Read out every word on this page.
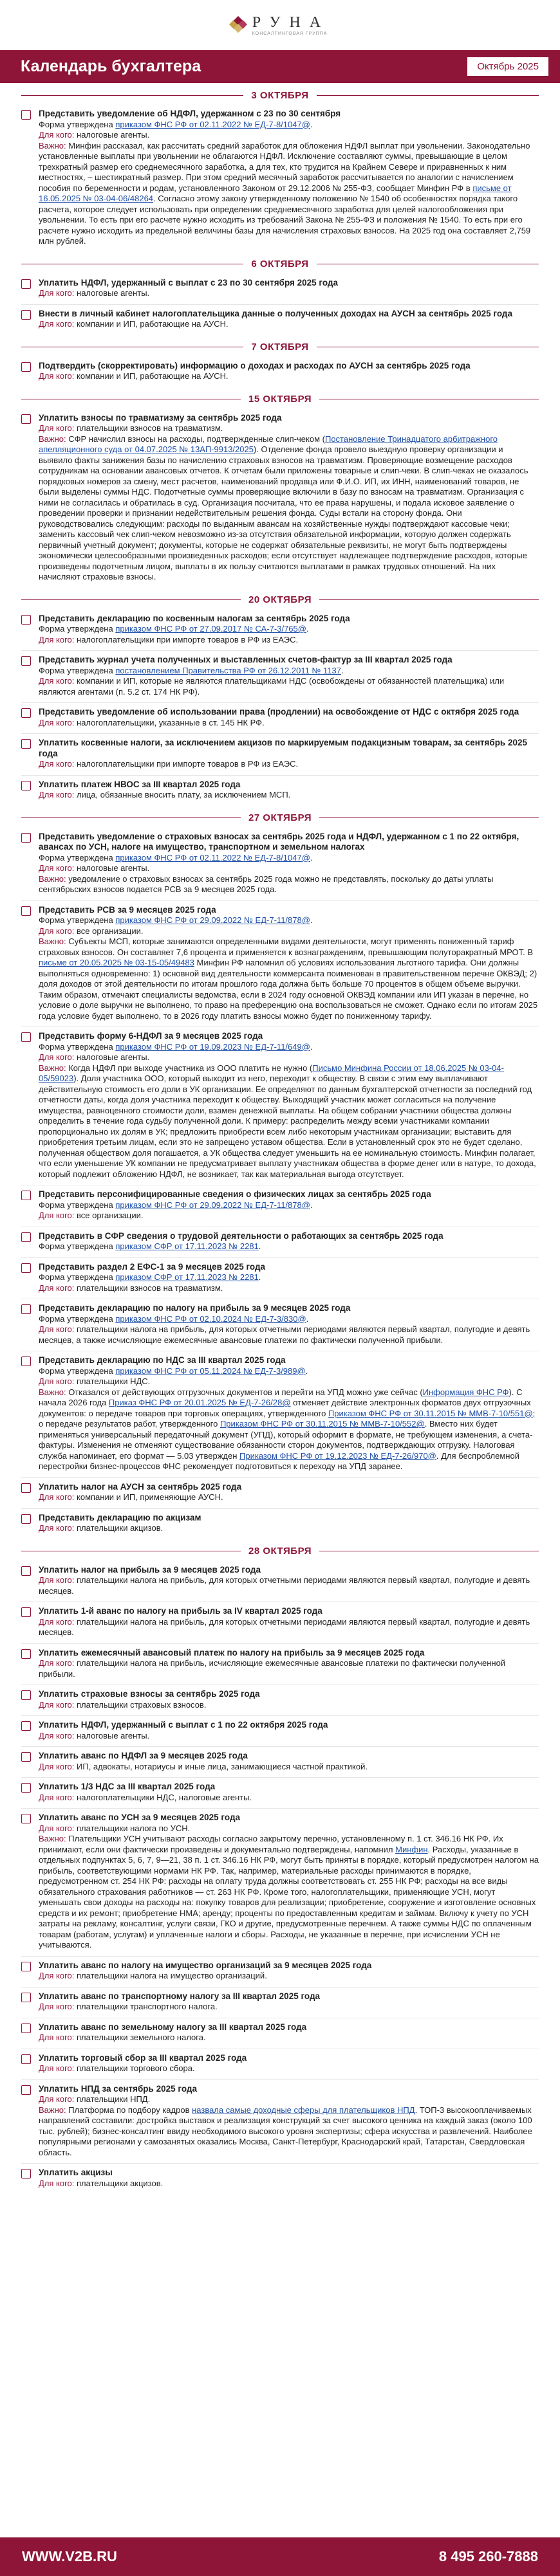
РУНА
КОНСАЛТИНГОВАЯ ГРУППА
Календарь бухгалтера	Октябрь 2025
3 ОКТЯБРЯ
Представить уведомление об НДФЛ, удержанном с 23 по 30 сентября
Форма утверждена приказом ФНС РФ от 02.11.2022 № ЕД-7-8/1047@.
Для кого: налоговые агенты.
Важно: Минфин рассказал, как рассчитать средний заработок для обложения НДФЛ выплат при увольнении. Законодательно установленные выплаты при увольнении не облагаются НДФЛ. Исключение составляют суммы, превышающие в целом трехкратный размер его среднемесячного заработка, а для тех, кто трудится на Крайнем Севере и приравненных к ним местностях, – шестикратный размер. При этом средний месячный заработок рассчитывается по аналогии с начислением пособия по беременности и родам, установленного Законом от 29.12.2006 № 255-ФЗ, сообщает Минфин РФ в письме от 16.05.2025 № 03-04-06/48264. Согласно этому закону утвержденному положению № 1540 об особенностях порядка такого расчета, которое следует использовать при определении среднемесячного заработка для целей налогообложения при увольнении. То есть при его расчете нужно исходить из требований Закона № 255-ФЗ и положения № 1540. То есть при его расчете нужно исходить из предельной величины базы для начисления страховых взносов. На 2025 год она составляет 2,759 млн рублей.
6 ОКТЯБРЯ
Уплатить НДФЛ, удержанный с выплат с 23 по 30 сентября 2025 года
Для кого: налоговые агенты.
Внести в личный кабинет налогоплательщика данные о полученных доходах на АУСН за сентябрь 2025 года
Для кого: компании и ИП, работающие на АУСН.
7 ОКТЯБРЯ
Подтвердить (скорректировать) информацию о доходах и расходах по АУСН за сентябрь 2025 года
Для кого: компании и ИП, работающие на АУСН.
15 ОКТЯБРЯ
Уплатить взносы по травматизму за сентябрь 2025 года
Для кого: плательщики взносов на травматизм.
Важно: СФР начислил взносы на расходы, подтвержденные слип-чеком (Постановление Тринадцатого арбитражного апелляционного суда от 04.07.2025 № 13АП-9913/2025). Отделение фонда провело выездную проверку организации и выявило факты занижения базы по начислению страховых взносов на травматизм. Проверяющие возмещение расходов сотрудникам на основании авансовых отчетов. К отчетам были приложены товарные и слип-чеки. В слип-чеках не оказалось порядковых номеров за смену, мест расчетов, наименований продавца или Ф.И.О. ИП, их ИНН, наименований товаров, не были выделены суммы НДС. Подотчетные суммы проверяющие включили в базу по взносам на травматизм. Организация с ними не согласилась и обратилась в суд. Организация посчитала, что ее права нарушены, и подала исковое заявление о проведении проверки и признании недействительным решения фонда. Суды встали на сторону фонда. Они руководствовались следующим: расходы по выданным авансам на хозяйственные нужды подтверждают кассовые чеки; заменить кассовый чек слип-чеком невозможно из-за отсутствия обязательной информации, которую должен содержать первичный учетный документ; документы, которые не содержат обязательные реквизиты, не могут быть подтверждены экономически целесообразными произведенных расходов; если отсутствует надлежащее подтверждение расходов, которые произведены подотчетным лицом, выплаты в их пользу считаются выплатами в рамках трудовых отношений. На них начисляют страховые взносы.
20 ОКТЯБРЯ
Представить декларацию по косвенным налогам за сентябрь 2025 года
Форма утверждена приказом ФНС РФ от 27.09.2017 № СА-7-3/765@.
Для кого: налогоплательщики при импорте товаров в РФ из ЕАЭС.
Представить журнал учета полученных и выставленных счетов-фактур за III квартал 2025 года
Форма утверждена постановлением Правительства РФ от 26.12.2011 № 1137.
Для кого: компании и ИП, которые не являются плательщиками НДС (освобождены от обязанностей плательщика) или являются агентами (п. 5.2 ст. 174 НК РФ).
Представить уведомление об использовании права (продлении) на освобождение от НДС с октября 2025 года
Для кого: налогоплательщики, указанные в ст. 145 НК РФ.
Уплатить косвенные налоги, за исключением акцизов по маркируемым подакцизным товарам, за сентябрь 2025 года
Для кого: налогоплательщики при импорте товаров в РФ из ЕАЭС.
Уплатить платеж НВОС за III квартал 2025 года
Для кого: лица, обязанные вносить плату, за исключением МСП.
27 ОКТЯБРЯ
Представить уведомление о страховых взносах за сентябрь 2025 года и НДФЛ, удержанном с 1 по 22 октября, авансах по УСН, налоге на имущество, транспортном и земельном налогах
Форма утверждена приказом ФНС РФ от 02.11.2022 № ЕД-7-8/1047@.
Для кого: налоговые агенты.
Важно: уведомление о страховых взносах за сентябрь 2025 года можно не представлять, поскольку до даты уплаты сентябрьских взносов подается РСВ за 9 месяцев 2025 года.
Представить РСВ за 9 месяцев 2025 года
Форма утверждена приказом ФНС РФ от 29.09.2022 № ЕД-7-11/878@.
Для кого: все организации.
Важно: Субъекты МСП, которые занимаются определенными видами деятельности, могут применять пониженный тариф страховых взносов. Он составляет 7,6 процента и применяется к вознаграждениям, превышающим полуторакратный МРОТ. В письме от 20.05.2025 № 03-15-05/49483 Минфин РФ напомнил об условиях использования льготного тарифа. Они должны выполняться одновременно: 1) основной вид деятельности коммерсанта поименован в правительственном перечне ОКВЭД; 2) доля доходов от этой деятельности по итогам прошлого года должна быть больше 70 процентов в общем объеме выручки. Таким образом, отмечают специалисты ведомства, если в 2024 году основной ОКВЭД компании или ИП указан в перечне, но условие о доле выручки не выполнено, то право на преференцию она воспользоваться не сможет. Однако если по итогам 2025 года условие будет выполнено, то в 2026 году платить взносы можно будет по пониженному тарифу.
Представить форму 6-НДФЛ за 9 месяцев 2025 года
Форма утверждена приказом ФНС РФ от 19.09.2023 № ЕД-7-11/649@.
Для кого: налоговые агенты.
Важно: Когда НДФЛ при выходе участника из ООО платить не нужно (Письмо Минфина России от 18.06.2025 № 03-04-05/59023). Доля участника ООО, который выходит из него, переходит к обществу. В связи с этим ему выплачивают действительную стоимость его доли в УК организации. Ее определяют по данным бухгалтерской отчетности за последний год отчетности даты, когда доля участника переходит к обществу. Выходящий участник может согласиться на получение имущества, равноценного стоимости доли, взамен денежной выплаты. На общем собрании участники общества должны определить в течение года судьбу полученной доли. К примеру: распределить между всеми участниками компании пропорционально их долям в УК; предложить приобрести всем либо некоторым участникам организации; выставить для приобретения третьим лицам, если это не запрещено уставом общества. Если в установленный срок это не будет сделано, полученная обществом доля погашается, а УК общества следует уменьшить на ее номинальную стоимость. Минфин полагает, что если уменьшение УК компании не предусматривает выплату участникам общества в форме денег или в натуре, то дохода, который подлежит обложению НДФЛ, не возникает, так как материальная выгода отсутствует.
Представить персонифицированные сведения о физических лицах за сентябрь 2025 года
Форма утверждена приказом ФНС РФ от 29.09.2022 № ЕД-7-11/878@.
Для кого: все организации.
Представить в СФР сведения о трудовой деятельности о работающих за сентябрь 2025 года
Форма утверждена приказом СФР от 17.11.2023 № 2281.
Представить раздел 2 ЕФС-1 за 9 месяцев 2025 года
Форма утверждена приказом СФР от 17.11.2023 № 2281.
Для кого: плательщики взносов на травматизм.
Представить декларацию по налогу на прибыль за 9 месяцев 2025 года
Форма утверждена приказом ФНС РФ от 02.10.2024 № ЕД-7-3/830@.
Для кого: плательщики налога на прибыль, для которых отчетными периодами являются первый квартал, полугодие и девять месяцев, а также исчисляющие ежемесячные авансовые платежи по фактически полученной прибыли.
Представить декларацию по НДС за III квартал 2025 года
Форма утверждена приказом ФНС РФ от 05.11.2024 № ЕД-7-3/989@.
Для кого: плательщики НДС.
Важно: Отказался от действующих отгрузочных документов и перейти на УПД можно уже сейчас (Информация ФНС РФ). С начала 2026 года Приказ ФНС РФ от 20.01.2025 № ЕД-7-26/28@ отменяет действие электронных форматов двух отгрузочных документов: о передаче товаров при торговых операциях, утвержденного Приказом ФНС РФ от 30.11.2015 № ММВ-7-10/551@; о передаче результатов работ, утвержденного Приказом ФНС РФ от 30.11.2015 № ММВ-7-10/552@. Вместо них будет применяться универсальный передаточный документ (УПД), который оформит в формате, не требующем изменения, а счета-фактуры. Изменения не отменяют существование обязанности сторон документов, подтверждающих отгрузку. Налоговая служба напоминает, его формат — 5.03 утвержден Приказом ФНС РФ от 19.12.2023 № ЕД-7-26/970@. Для беспроблемной перестройки бизнес-процессов ФНС рекомендует подготовиться к переходу на УПД заранее.
Уплатить налог на АУСН за сентябрь 2025 года
Для кого: компании и ИП, применяющие АУСН.
Представить декларацию по акцизам
Для кого: плательщики акцизов.
28 ОКТЯБРЯ
Уплатить налог на прибыль за 9 месяцев 2025 года
Для кого: плательщики налога на прибыль, для которых отчетными периодами являются первый квартал, полугодие и девять месяцев.
Уплатить 1-й аванс по налогу на прибыль за IV квартал 2025 года
Для кого: плательщики налога на прибыль, для которых отчетными периодами являются первый квартал, полугодие и девять месяцев.
Уплатить ежемесячный авансовый платеж по налогу на прибыль за 9 месяцев 2025 года
Для кого: плательщики налога на прибыль, исчисляющие ежемесячные авансовые платежи по фактически полученной прибыли.
Уплатить страховые взносы за сентябрь 2025 года
Для кого: плательщики страховых взносов.
Уплатить НДФЛ, удержанный с выплат с 1 по 22 октября 2025 года
Для кого: налоговые агенты.
Уплатить аванс по НДФЛ за 9 месяцев 2025 года
Для кого: ИП, адвокаты, нотариусы и иные лица, занимающиеся частной практикой.
Уплатить 1/3 НДС за III квартал 2025 года
Для кого: налогоплательщики НДС, налоговые агенты.
Уплатить аванс по УСН за 9 месяцев 2025 года
Для кого: плательщики налога по УСН.
Важно: Плательщики УСН учитывают расходы согласно закрытому перечню, установленному п. 1 ст. 346.16 НК РФ. Их принимают, если они фактически произведены и документально подтверждены, напомнил Минфин. Расходы, указанные в отдельных подпунктах 5, 6, 7, 9—21, 38 п. 1 ст. 346.16 НК РФ, могут быть приняты в порядке, который предусмотрен налогом на прибыль, соответствующими нормами НК РФ. Так, например, материальные расходы принимаются в порядке, предусмотренном ст. 254 НК РФ: расходы на оплату труда должны соответствовать ст. 255 НК РФ; расходы на все виды обязательного страхования работников — ст. 263 НК РФ. Кроме того, налогоплательщики, применяющие УСН, могут уменьшать свои доходы на расходы на: покупку товаров для реализации; приобретение, сооружение и изготовление основных средств и их ремонт; приобретение НМА; аренду; проценты по предоставленным кредитам и займам. Включу к учету по УСН затраты на рекламу, консалтинг, услуги связи, ГКО и другие, предусмотренные перечнем. А также суммы НДС по оплаченным товарам (работам, услугам) и уплаченные налоги и сборы. Расходы, не указанные в перечне, при исчислении УСН не учитываются.
Уплатить аванс по налогу на имущество организаций за 9 месяцев 2025 года
Для кого: плательщики налога на имущество организаций.
Уплатить аванс по транспортному налогу за III квартал 2025 года
Для кого: плательщики транспортного налога.
Уплатить аванс по земельному налогу за III квартал 2025 года
Для кого: плательщики земельного налога.
Уплатить торговый сбор за III квартал 2025 года
Для кого: плательщики торгового сбора.
Уплатить НПД за сентябрь 2025 года
Для кого: плательщики НПД.
Важно: Платформа по подбору кадров назвала самые доходные сферы для плательщиков НПД. ТОП-3 высокооплачиваемых направлений составили: достройка выставок и реализация конструкций за счет высокого ценника на каждый заказ (около 100 тыс. рублей); бизнес-консалтинг ввиду необходимого высокого уровня экспертизы; сфера искусства и развлечений. Наиболее популярными регионами у самозанятых оказались Москва, Санкт-Петербург, Краснодарский край, Татарстан, Свердловская область.
Уплатить акцизы
Для кого: плательщики акцизов.
WWW.V2B.RU	8 495 260-7888
